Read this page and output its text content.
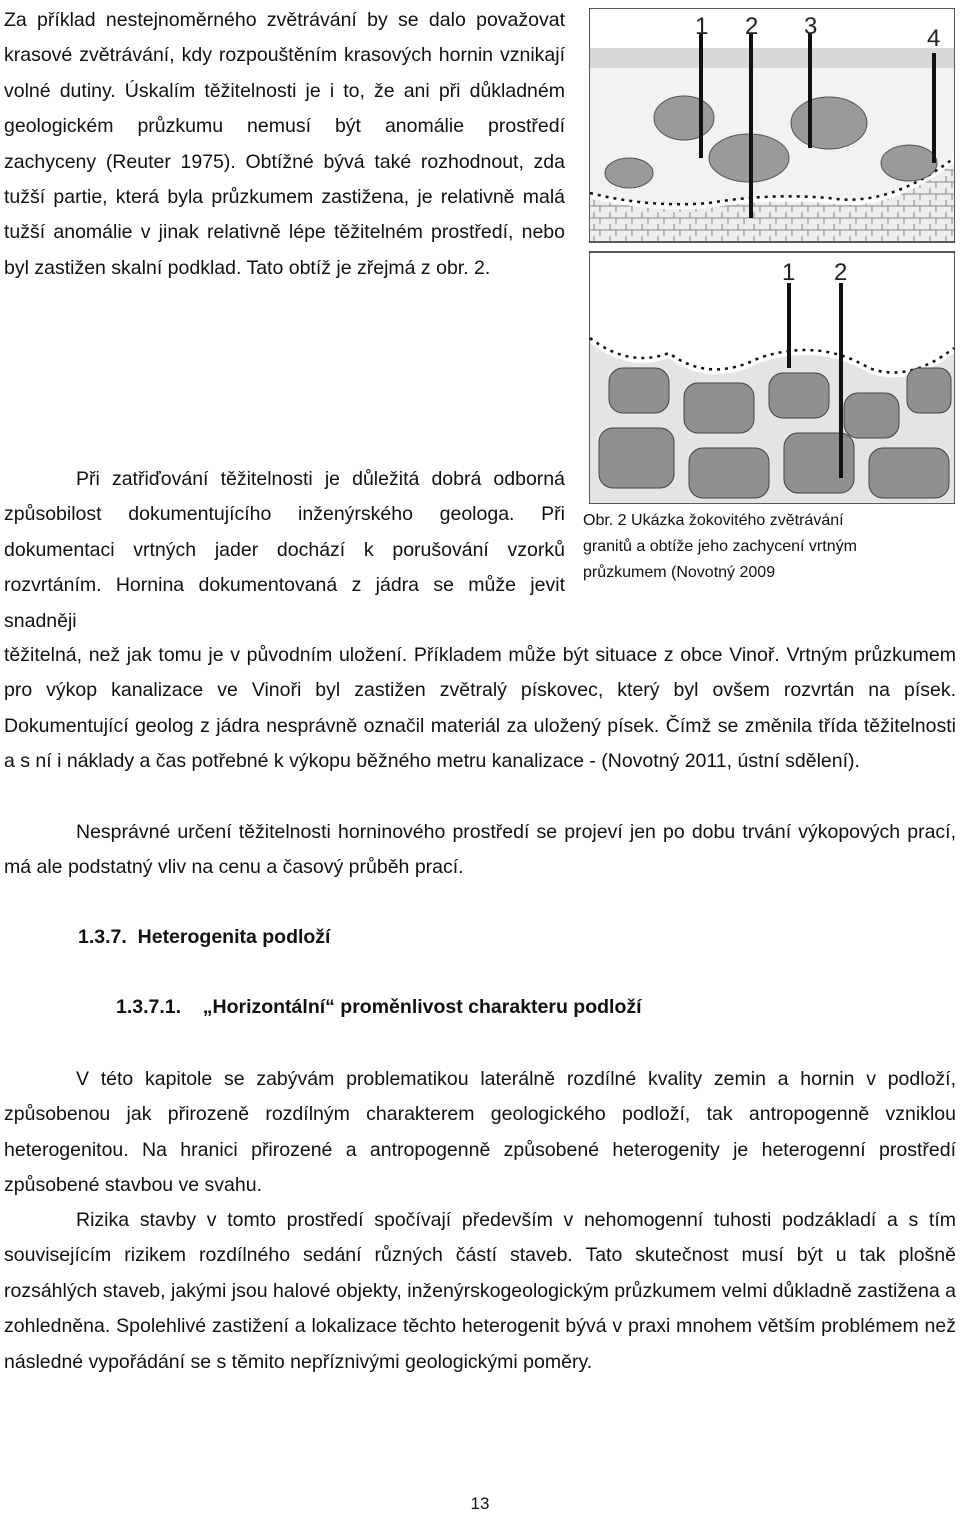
Za příklad nestejnoměrného zvětrávání by se dalo považovat krasové zvětrávání, kdy rozpouštěním krasových hornin vznikají volné dutiny. Úskalím těžitelnosti je i to, že ani při důkladném geologickém průzkumu nemusí být anomálie prostředí zachyceny (Reuter 1975). Obtížné bývá také rozhodnout, zda tužší partie, která byla průzkumem zastižena, je relativně malá tužší anomálie v jinak relativně lépe těžitelném prostředí, nebo byl zastižen skalní podklad. Tato obtíž je zřejmá z obr. 2.

1 2 3	4
1 2
Obr. 2 Ukázka žokovitého zvětrávání granitů a obtíže jeho zachycení vrtným průzkumem (Novotný 2009

Při zatřiďování těžitelnosti je důležitá dobrá odborná způsobilost dokumentujícího inženýrského geologa. Při dokumentaci vrtných jader dochází k porušování vzorků rozvrtáním. Hornina dokumentovaná z jádra se může jevit snadněji

těžitelná, než jak tomu je v původním uložení. Příkladem může být situace z obce Vinoř. Vrtným průzkumem pro výkop kanalizace ve Vinoři byl zastižen zvětralý pískovec, který byl ovšem rozvrtán na písek. Dokumentující geolog z jádra nesprávně označil materiál za uložený písek. Čímž se změnila třída těžitelnosti a s ní i náklady a čas potřebné k výkopu běžného metru kanalizace - (Novotný 2011, ústní sdělení).

Nesprávné určení těžitelnosti horninového prostředí se projeví jen po dobu trvání výkopových prací, má ale podstatný vliv na cenu a časový průběh prací.

1.3.7. Heterogenita podloží
1.3.7.1. „Horizontální“ proměnlivost charakteru podloží

V této kapitole se zabývám problematikou laterálně rozdílné kvality zemin a hornin v podloží, způsobenou jak přirozeně rozdílným charakterem geologického podloží, tak antropogenně vzniklou heterogenitou. Na hranici přirozené a antropogenně způsobené heterogenity je heterogenní prostředí způsobené stavbou ve svahu.

Rizika stavby v tomto prostředí spočívají především v nehomogenní tuhosti podzákladí a s tím souvisejícím rizikem rozdílného sedání různých částí staveb. Tato skutečnost musí být u tak plošně rozsáhlých staveb, jakými jsou halové objekty, inženýrskogeologickým průzkumem velmi důkladně zastižena a zohledněna. Spolehlivé zastižení a lokalizace těchto heterogenit bývá v praxi mnohem větším problémem než následné vypořádání se s těmito nepříznivými geologickými poměry.

13
